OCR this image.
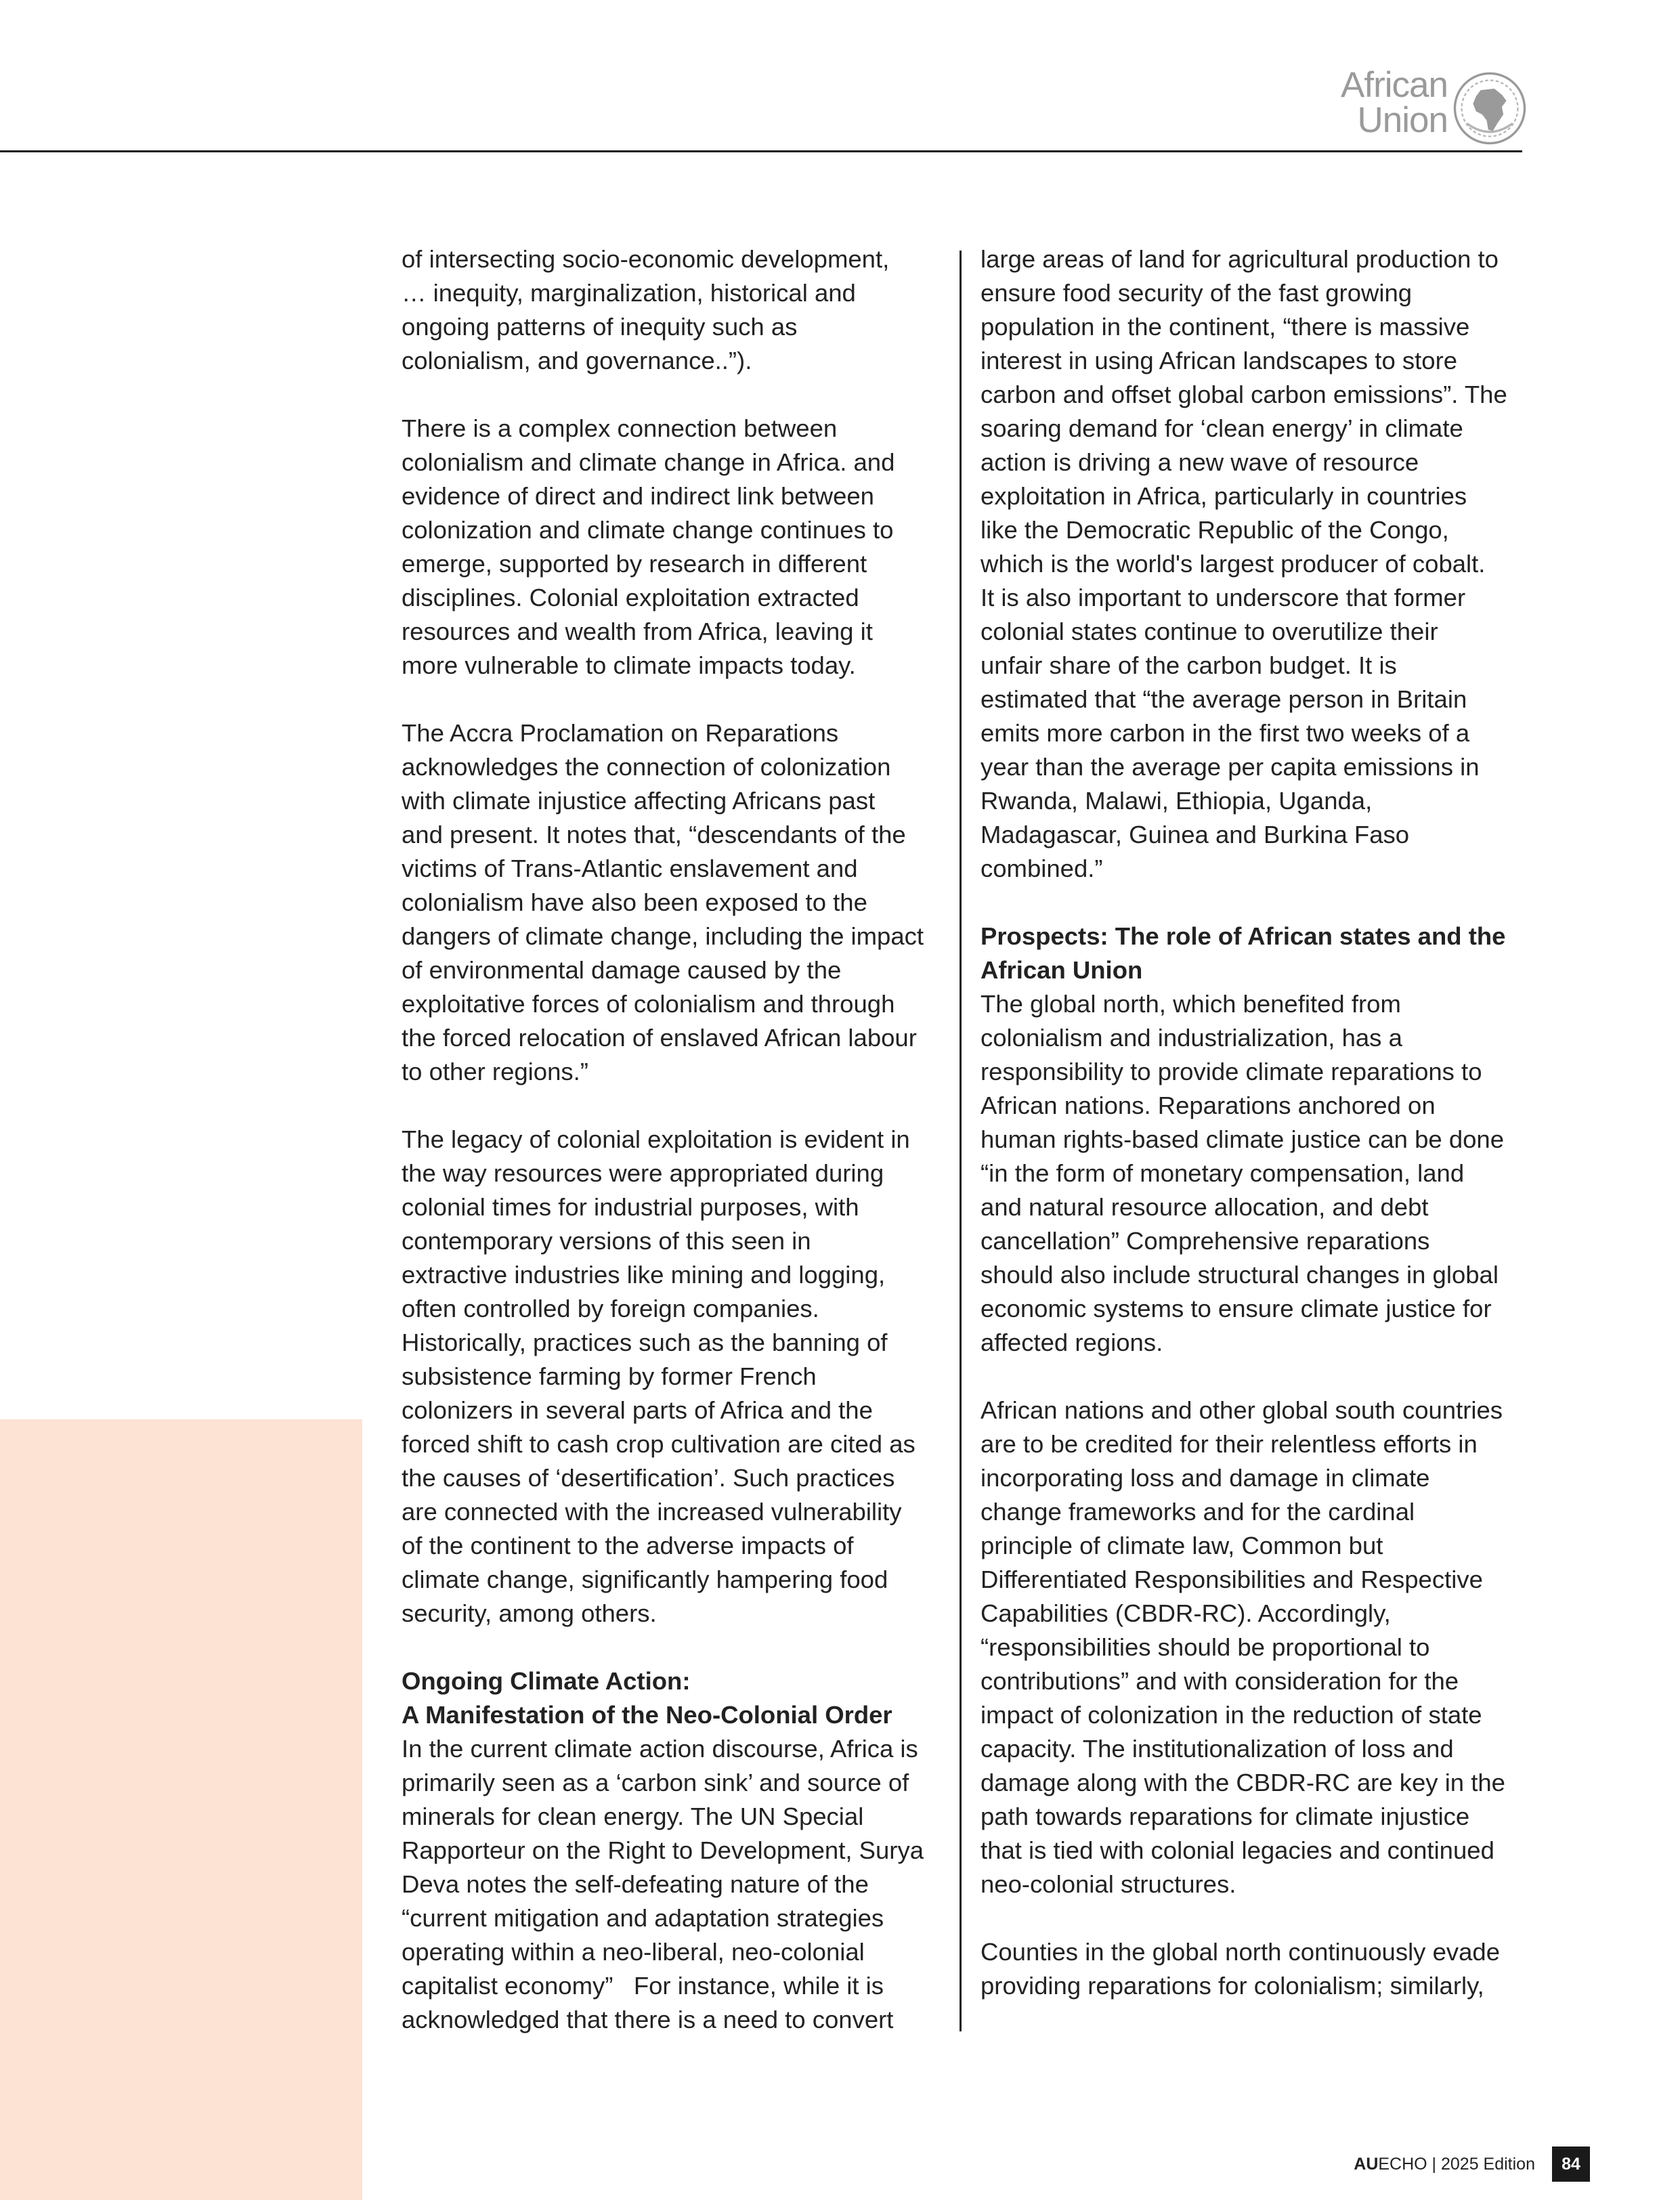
African
Union
of intersecting socio-economic development,
… inequity, marginalization, historical and
ongoing patterns of inequity such as
colonialism, and governance..”).
There is a complex connection between
colonialism and climate change in Africa. and
evidence of direct and indirect link between
colonization and climate change continues to
emerge, supported by research in different
disciplines. Colonial exploitation extracted
resources and wealth from Africa, leaving it
more vulnerable to climate impacts today.
The Accra Proclamation on Reparations
acknowledges the connection of colonization
with climate injustice affecting Africans past
and present. It notes that, “descendants of the
victims of Trans-Atlantic enslavement and
colonialism have also been exposed to the
dangers of climate change, including the impact
of environmental damage caused by the
exploitative forces of colonialism and through
the forced relocation of enslaved African labour
to other regions.”
The legacy of colonial exploitation is evident in
the way resources were appropriated during
colonial times for industrial purposes, with
contemporary versions of this seen in
extractive industries like mining and logging,
often controlled by foreign companies.
Historically, practices such as the banning of
subsistence farming by former French
colonizers in several parts of Africa and the
forced shift to cash crop cultivation are cited as
the causes of ‘desertification’. Such practices
are connected with the increased vulnerability
of the continent to the adverse impacts of
climate change, significantly hampering food
security, among others.
Ongoing Climate Action:
A Manifestation of the Neo-Colonial Order
In the current climate action discourse, Africa is
primarily seen as a ‘carbon sink’ and source of
minerals for clean energy. The UN Special
Rapporteur on the Right to Development, Surya
Deva notes the self-defeating nature of the
“current mitigation and adaptation strategies
operating within a neo-liberal, neo-colonial
capitalist economy”   For instance, while it is
acknowledged that there is a need to convert
large areas of land for agricultural production to
ensure food security of the fast growing
population in the continent, “there is massive
interest in using African landscapes to store
carbon and offset global carbon emissions”. The
soaring demand for ‘clean energy’ in climate
action is driving a new wave of resource
exploitation in Africa, particularly in countries
like the Democratic Republic of the Congo,
which is the world's largest producer of cobalt.
It is also important to underscore that former
colonial states continue to overutilize their
unfair share of the carbon budget. It is
estimated that “the average person in Britain
emits more carbon in the first two weeks of a
year than the average per capita emissions in
Rwanda, Malawi, Ethiopia, Uganda,
Madagascar, Guinea and Burkina Faso
combined.”
Prospects: The role of African states and the
African Union
The global north, which benefited from
colonialism and industrialization, has a
responsibility to provide climate reparations to
African nations. Reparations anchored on
human rights-based climate justice can be done
“in the form of monetary compensation, land
and natural resource allocation, and debt
cancellation” Comprehensive reparations
should also include structural changes in global
economic systems to ensure climate justice for
affected regions.
African nations and other global south countries
are to be credited for their relentless efforts in
incorporating loss and damage in climate
change frameworks and for the cardinal
principle of climate law, Common but
Differentiated Responsibilities and Respective
Capabilities (CBDR-RC). Accordingly,
“responsibilities should be proportional to
contributions” and with consideration for the
impact of colonization in the reduction of state
capacity. The institutionalization of loss and
damage along with the CBDR-RC are key in the
path towards reparations for climate injustice
that is tied with colonial legacies and continued
neo-colonial structures.
Counties in the global north continuously evade
providing reparations for colonialism; similarly,
AUECHO | 2025 Edition	84
